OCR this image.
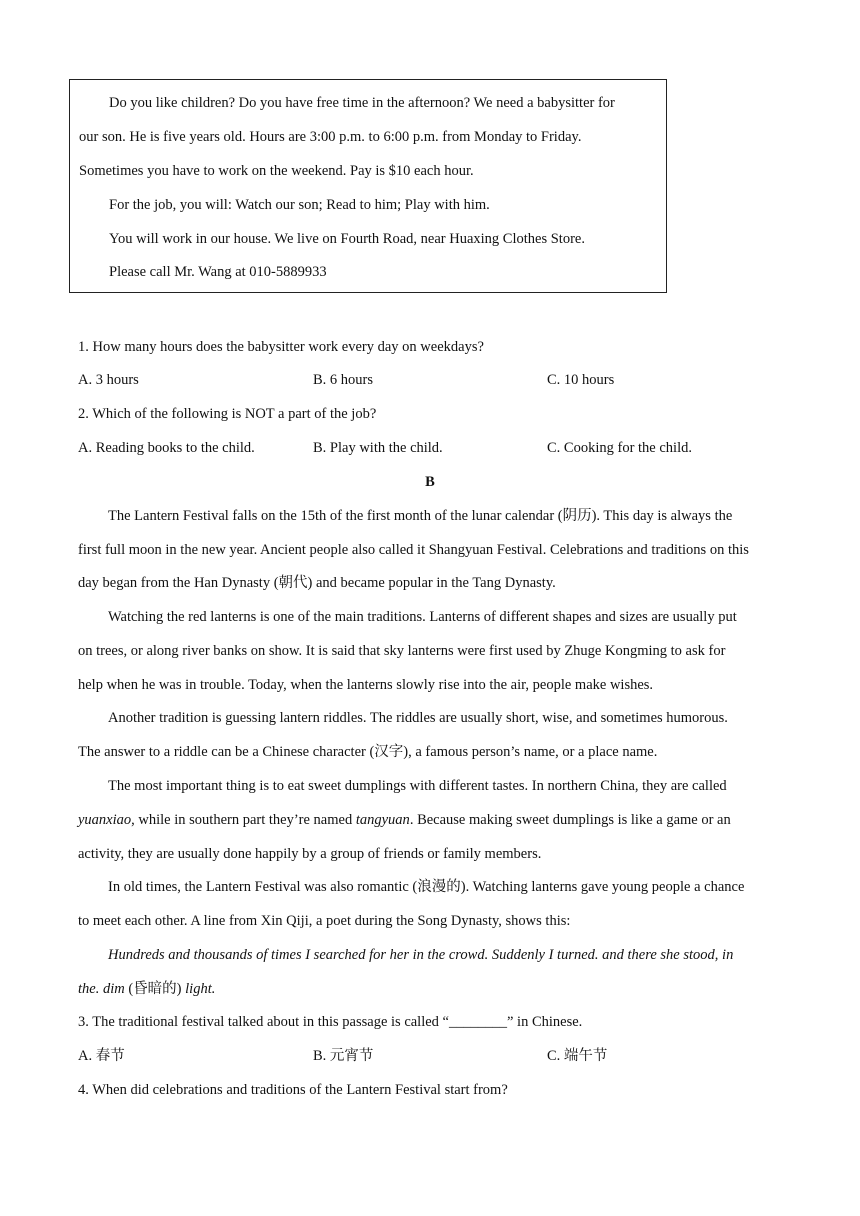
Do you like children? Do you have free time in the afternoon? We need a babysitter for
our son. He is five years old. Hours are 3:00 p.m. to 6:00 p.m. from Monday to Friday.
Sometimes you have to work on the weekend. Pay is $10 each hour.
For the job, you will: Watch our son; Read to him; Play with him.
You will work in our house. We live on Fourth Road, near Huaxing Clothes Store.
Please call Mr. Wang at 010-5889933
1. How many hours does the babysitter work every day on weekdays?
A. 3 hours	B. 6 hours	C. 10 hours
2. Which of the following is NOT a part of the job?
A. Reading books to the child.	B. Play with the child.	C. Cooking for the child.
B
The Lantern Festival falls on the 15th of the first month of the lunar calendar (阴历). This day is always the
first full moon in the new year. Ancient people also called it Shangyuan Festival. Celebrations and traditions on this
day began from the Han Dynasty (朝代) and became popular in the Tang Dynasty.
Watching the red lanterns is one of the main traditions. Lanterns of different shapes and sizes are usually put
on trees, or along river banks on show. It is said that sky lanterns were first used by Zhuge Kongming to ask for
help when he was in trouble. Today, when the lanterns slowly rise into the air, people make wishes.
Another tradition is guessing lantern riddles. The riddles are usually short, wise, and sometimes humorous.
The answer to a riddle can be a Chinese character (汉字), a famous person’s name, or a place name.
The most important thing is to eat sweet dumplings with different tastes. In northern China, they are called
yuanxiao, while in southern part they’re named tangyuan. Because making sweet dumplings is like a game or an
activity, they are usually done happily by a group of friends or family members.
In old times, the Lantern Festival was also romantic (浪漫的). Watching lanterns gave young people a chance
to meet each other. A line from Xin Qiji, a poet during the Song Dynasty, shows this:
Hundreds and thousands of times I searched for her in the crowd. Suddenly I turned. and there she stood, in
the. dim (昏暗的) light.
3. The traditional festival talked about in this passage is called “________” in Chinese.
A. 春节	B. 元宵节	C. 端午节
4. When did celebrations and traditions of the Lantern Festival start from?
